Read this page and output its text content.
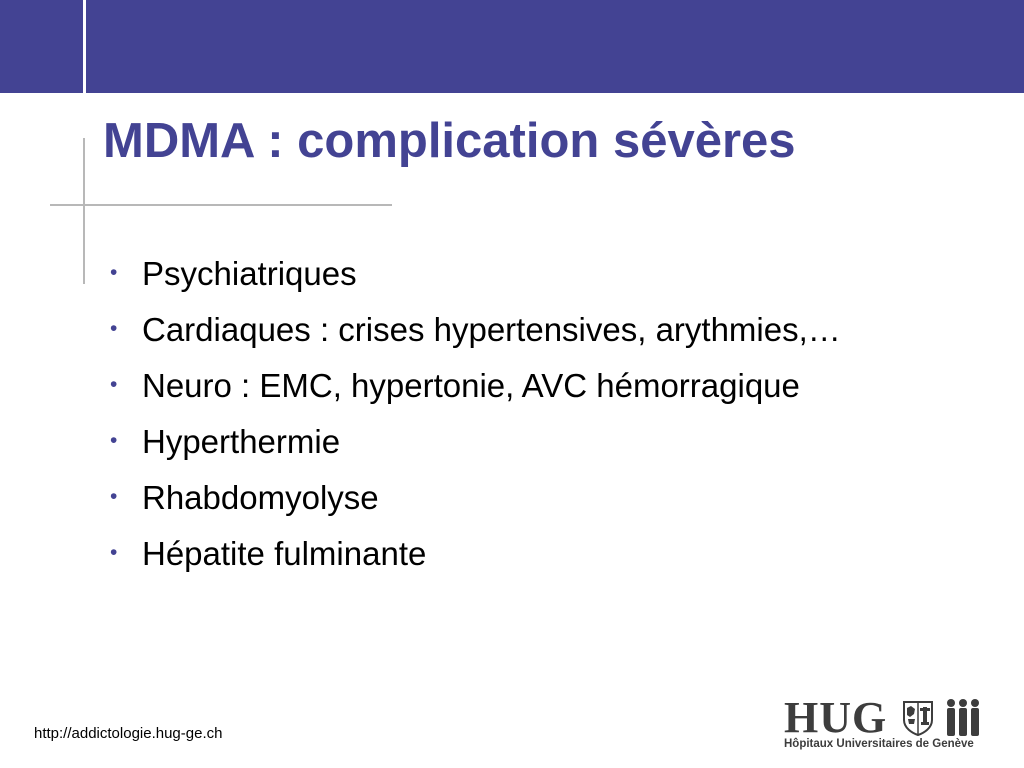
MDMA : complication sévères
• Psychiatriques
• Cardiaques : crises hypertensives, arythmies,…
• Neuro : EMC, hypertonie, AVC hémorragique
• Hyperthermie
• Rhabdomyolyse
• Hépatite fulminante
http://addictologie.hug-ge.ch	HUG
Hôpitaux Universitaires de Genève
